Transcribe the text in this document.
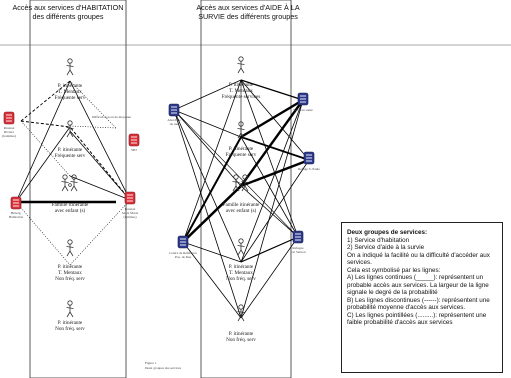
P. itinérante
T. Mentaux
Fréquente serv
P. itinérante
Fréquente serv
Famille itinérante
avec enfant (s)
P. itinérante
T. Mentaux
Non fréq. serv
P. itinérante
Non fréq. serv
Pension
Riviera
(hommes)
SHJ
Difficult non accès moyenne
Heberg.
Habitation
Pension
Santa Maria
(femmes)
P. itinérante
T. Mentaux
Fréquente services
P. itinérante
Fréquente serv
Famille itinérante
avec enfant (s)
P. itinérante
T. Mentaux
Non fréq. serv
P. itinérante
Non fréq. serv
Abordage
de rue
Services santé
Refuge S. Paule
Centre de Référence
Pop. de Rue
Refugee
Cat Vernon
Figure 1
Deux groupes des services
Accès aux services d'HABITATION des différents groupes
Accès aux services d'AIDE À LA SURVIE des différents groupes
Deux groupes de services:
1) Service d'habitation
2) Service d'aide à la survie
On a indiqué la facilité ou la difficulté d'accéder aux services.
Cela est symbolisé par les lignes:
A) Les lignes continues (_____): représentent un probable accès aux services. La largeur de la ligne signale le degré de la probabilité
B) Les lignes discontinues (------): représentent une probabilité moyenne d'accès aux services.
C) Les lignes pointillées (.........): représentent une faible probabilité d'accès aux services
